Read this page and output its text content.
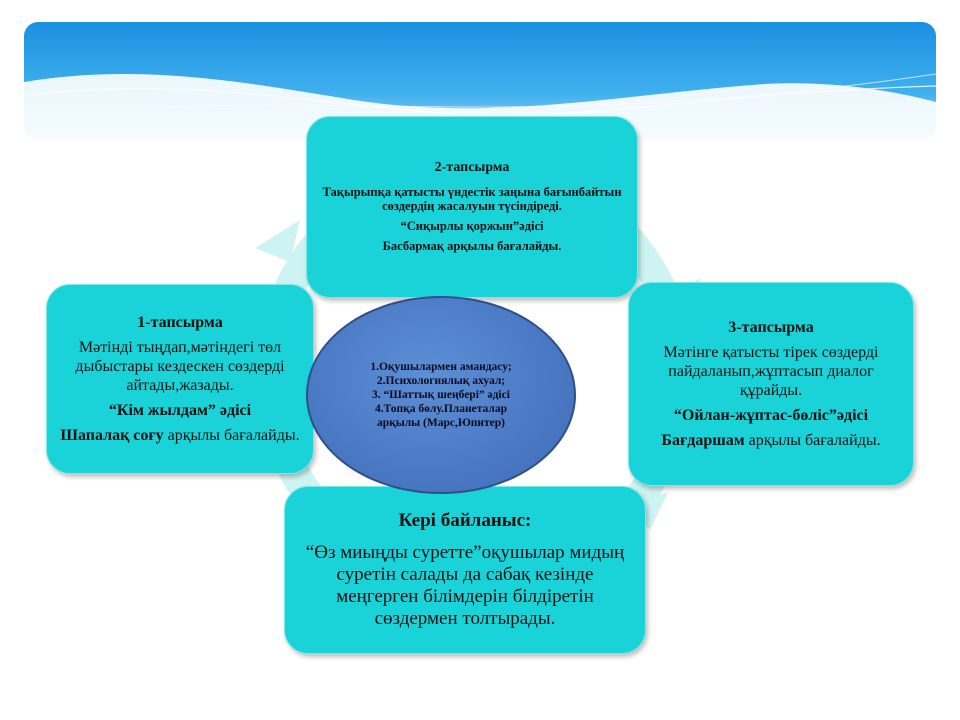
2-тапсырма

Тақырыпқа қатысты үндестік заңына бағынбайтын сөздердің жасалуын түсіндіреді.

“Сиқырлы қоржын”әдісі

Басбармақ арқылы бағалайды.

1-тапсырма

Мәтінді тыңдап,мәтіндегі төл дыбыстары кездескен сөздерді айтады,жазады.

“Кім жылдам” әдісі

Шапалақ соғу арқылы бағалайды.

3-тапсырма

Мәтінге қатысты тірек сөздерді пайдаланып,жұптасып диалог құрайды.

“Ойлан-жұптас-бөліс”әдісі

Бағдаршам арқылы бағалайды.

Кері байланыс:

“Өз миыңды суретте”оқушылар мидың суретін салады да сабақ кезінде меңгерген білімдерін білдіретін сөздермен толтырады.

1.Оқушылармен амандасу;

2.Психологиялық ахуал;

3. “Шаттық шеңбері” әдісі

4.Топқа бөлу.Планеталар

арқылы (Марс,Юпитер)
